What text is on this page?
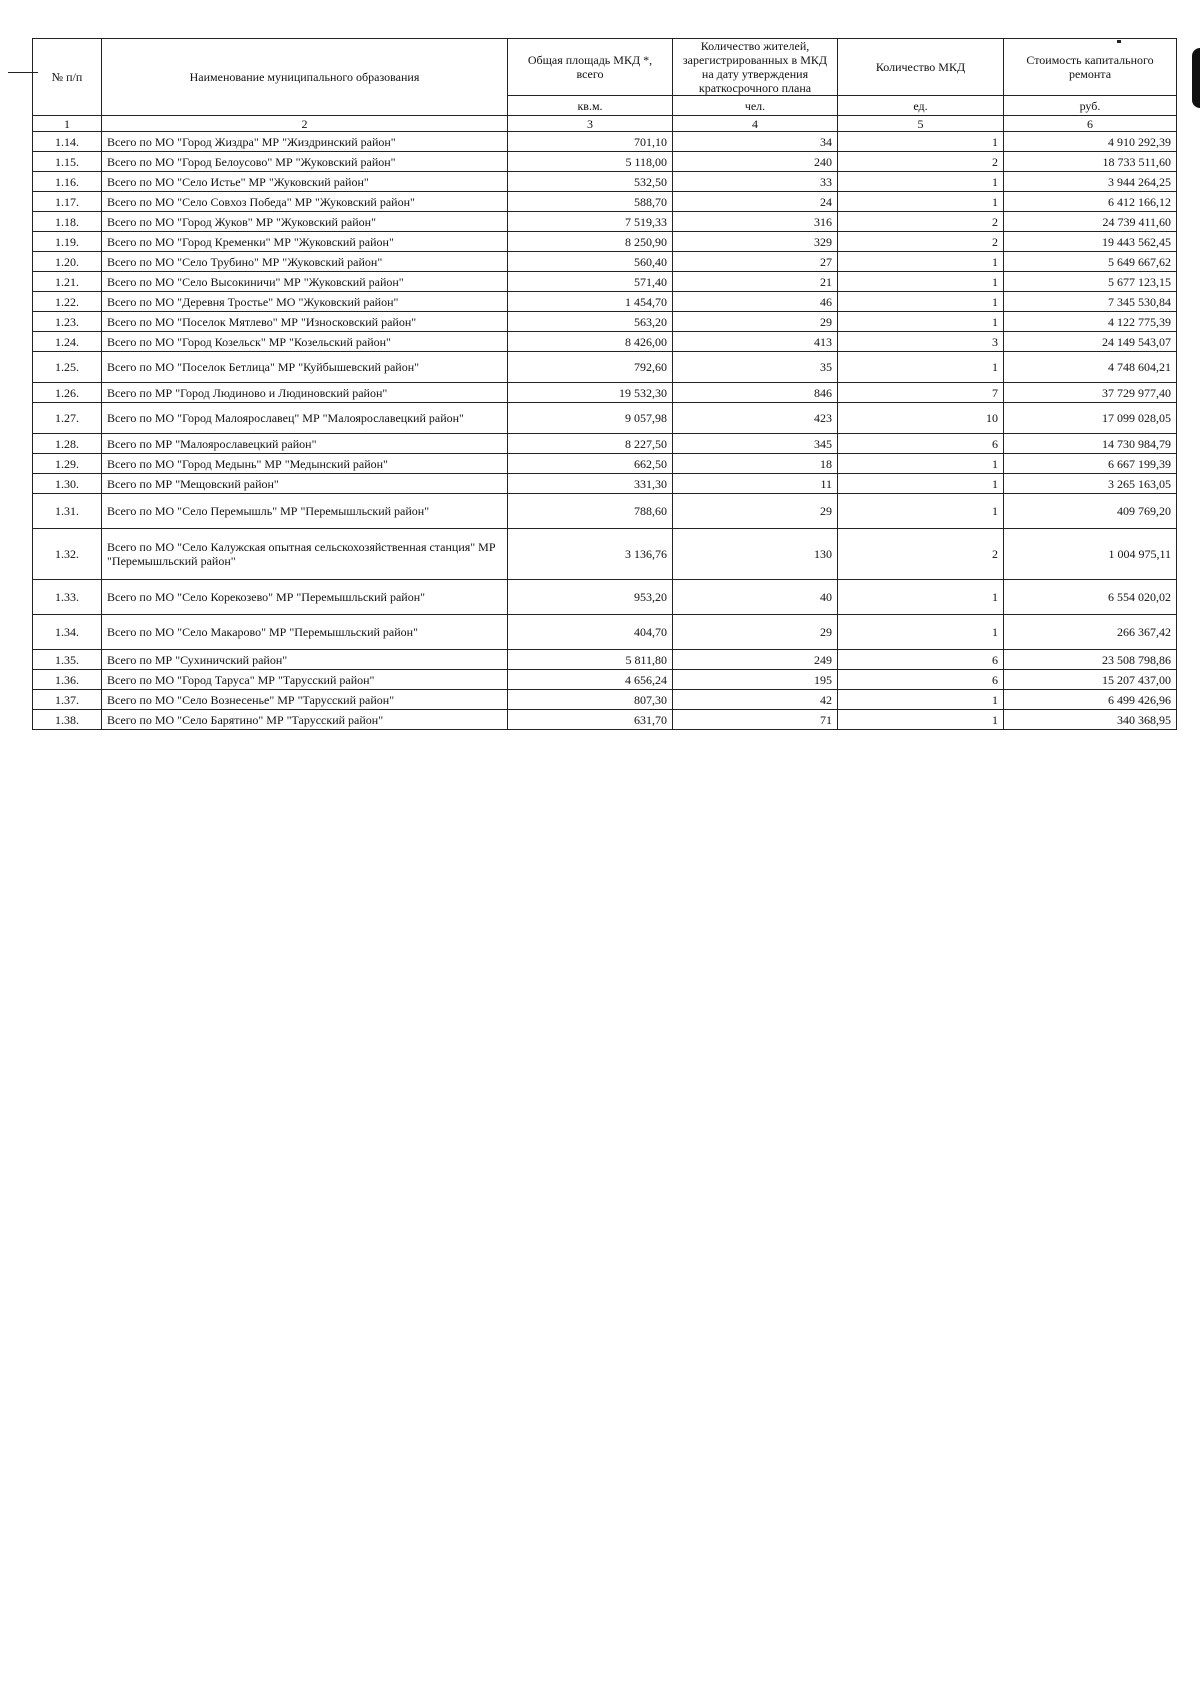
№ п/п	Наименование муниципального образования	Общая площадь МКД *, всего	Количество жителей, зарегистрированных в МКД на дату утверждения краткосрочного плана	Количество МКД	Стоимость капитального ремонта

		кв.м.	чел.	ед.	руб.
1	2	3	4	5	6
1.14.	Всего по МО "Город Жиздра" МР "Жиздринский район"	701,10	34	1	4 910 292,39
1.15.	Всего по МО "Город Белоусово" МР "Жуковский район"	5 118,00	240	2	18 733 511,60
1.16.	Всего по МО "Село Истье" МР "Жуковский район"	532,50	33	1	3 944 264,25
1.17.	Всего по МО "Село Совхоз Победа" МР "Жуковский район"	588,70	24	1	6 412 166,12
1.18.	Всего по МО "Город Жуков" МР "Жуковский район"	7 519,33	316	2	24 739 411,60
1.19.	Всего по МО "Город Кременки" МР "Жуковский район"	8 250,90	329	2	19 443 562,45
1.20.	Всего по МО "Село Трубино" МР "Жуковский район"	560,40	27	1	5 649 667,62
1.21.	Всего по МО "Село Высокиничи" МР "Жуковский район"	571,40	21	1	5 677 123,15
1.22.	Всего по МО "Деревня Тростье" МО "Жуковский район"	1 454,70	46	1	7 345 530,84
1.23.	Всего по МО "Поселок Мятлево" МР "Износковский район"	563,20	29	1	4 122 775,39
1.24.	Всего по МО "Город Козельск" МР "Козельский район"	8 426,00	413	3	24 149 543,07
1.25.	Всего по МО "Поселок Бетлица" МР "Куйбышевский район"	792,60	35	1	4 748 604,21
1.26.	Всего по МР "Город Людиново и Людиновский район"	19 532,30	846	7	37 729 977,40
1.27.	Всего по МО "Город Малоярославец" МР "Малоярославецкий район"	9 057,98	423	10	17 099 028,05
1.28.	Всего по МР "Малоярославецкий район"	8 227,50	345	6	14 730 984,79
1.29.	Всего по МО "Город Медынь" МР "Медынский район"	662,50	18	1	6 667 199,39
1.30.	Всего по МР "Мещовский район"	331,30	11	1	3 265 163,05
1.31.	Всего по МО "Село Перемышль" МР "Перемышльский район"	788,60	29	1	409 769,20
1.32.	Всего по МО "Село Калужская опытная сельскохозяйственная станция" МР "Перемышльский район"	3 136,76	130	2	1 004 975,11
1.33.	Всего по МО "Село Корекозево" МР "Перемышльский район"	953,20	40	1	6 554 020,02
1.34.	Всего по МО "Село Макарово" МР "Перемышльский район"	404,70	29	1	266 367,42
1.35.	Всего по МР "Сухиничский район"	5 811,80	249	6	23 508 798,86
1.36.	Всего по МО "Город Таруса" МР "Тарусский район"	4 656,24	195	6	15 207 437,00
1.37.	Всего по МО "Село Вознесенье" МР "Тарусский район"	807,30	42	1	6 499 426,96
1.38.	Всего по МО "Село Барятино" МР "Тарусский район"	631,70	71	1	340 368,95
